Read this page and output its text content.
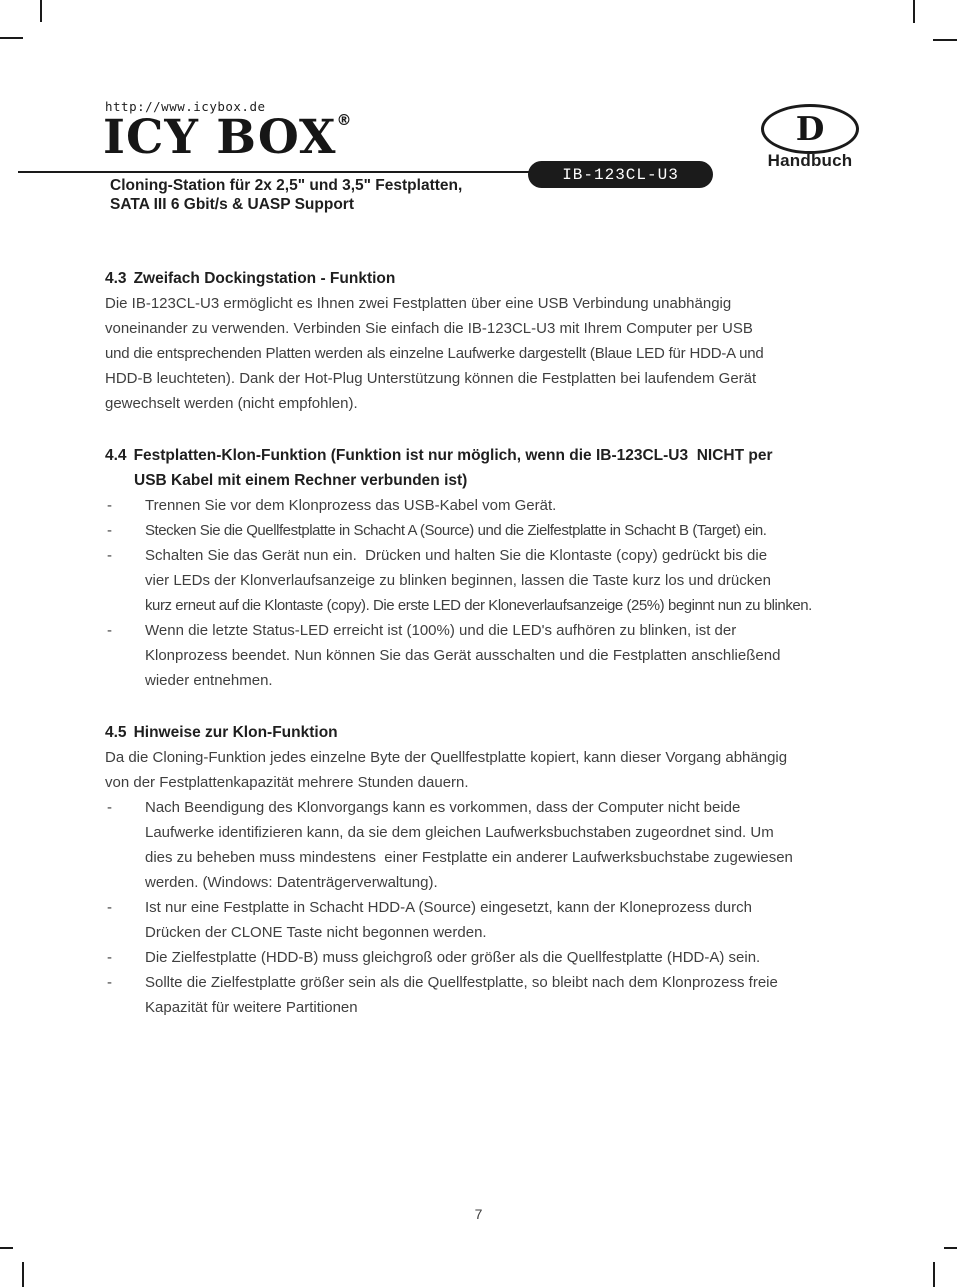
http://www.icybox.de
ICY BOX®
IB-123CL-U3
Cloning-Station für 2x 2,5" und 3,5" Festplatten,
SATA III 6 Gbit/s & UASP Support
D
Handbuch
4.3 Zweifach Dockingstation - Funktion
Die IB-123CL-U3 ermöglicht es Ihnen zwei Festplatten über eine USB Verbindung unabhängig
voneinander zu verwenden. Verbinden Sie einfach die IB-123CL-U3 mit Ihrem Computer per USB
und die entsprechenden Platten werden als einzelne Laufwerke dargestellt (Blaue LED für HDD-A und
HDD-B leuchteten). Dank der Hot-Plug Unterstützung können die Festplatten bei laufendem Gerät
gewechselt werden (nicht empfohlen).
4.4 Festplatten-Klon-Funktion (Funktion ist nur möglich, wenn die IB-123CL-U3  NICHT per
USB Kabel mit einem Rechner verbunden ist)
- Trennen Sie vor dem Klonprozess das USB-Kabel vom Gerät.
- Stecken Sie die Quellfestplatte in Schacht A (Source) und die Zielfestplatte in Schacht B (Target) ein.
- Schalten Sie das Gerät nun ein.  Drücken und halten Sie die Klontaste (copy) gedrückt bis die
vier LEDs der Klonverlaufsanzeige zu blinken beginnen, lassen die Taste kurz los und drücken
kurz erneut auf die Klontaste (copy). Die erste LED der Kloneverlaufsanzeige (25%) beginnt nun zu blinken.
- Wenn die letzte Status-LED erreicht ist (100%) und die LED's aufhören zu blinken, ist der
Klonprozess beendet. Nun können Sie das Gerät ausschalten und die Festplatten anschließend
wieder entnehmen.
4.5 Hinweise zur Klon-Funktion
Da die Cloning-Funktion jedes einzelne Byte der Quellfestplatte kopiert, kann dieser Vorgang abhängig
von der Festplattenkapazität mehrere Stunden dauern.
- Nach Beendigung des Klonvorgangs kann es vorkommen, dass der Computer nicht beide
Laufwerke identifizieren kann, da sie dem gleichen Laufwerksbuchstaben zugeordnet sind. Um
dies zu beheben muss mindestens  einer Festplatte ein anderer Laufwerksbuchstabe zugewiesen
werden. (Windows: Datenträgerverwaltung).
- Ist nur eine Festplatte in Schacht HDD-A (Source) eingesetzt, kann der Kloneprozess durch
Drücken der CLONE Taste nicht begonnen werden.
- Die Zielfestplatte (HDD-B) muss gleichgroß oder größer als die Quellfestplatte (HDD-A) sein.
- Sollte die Zielfestplatte größer sein als die Quellfestplatte, so bleibt nach dem Klonprozess freie
Kapazität für weitere Partitionen
7
